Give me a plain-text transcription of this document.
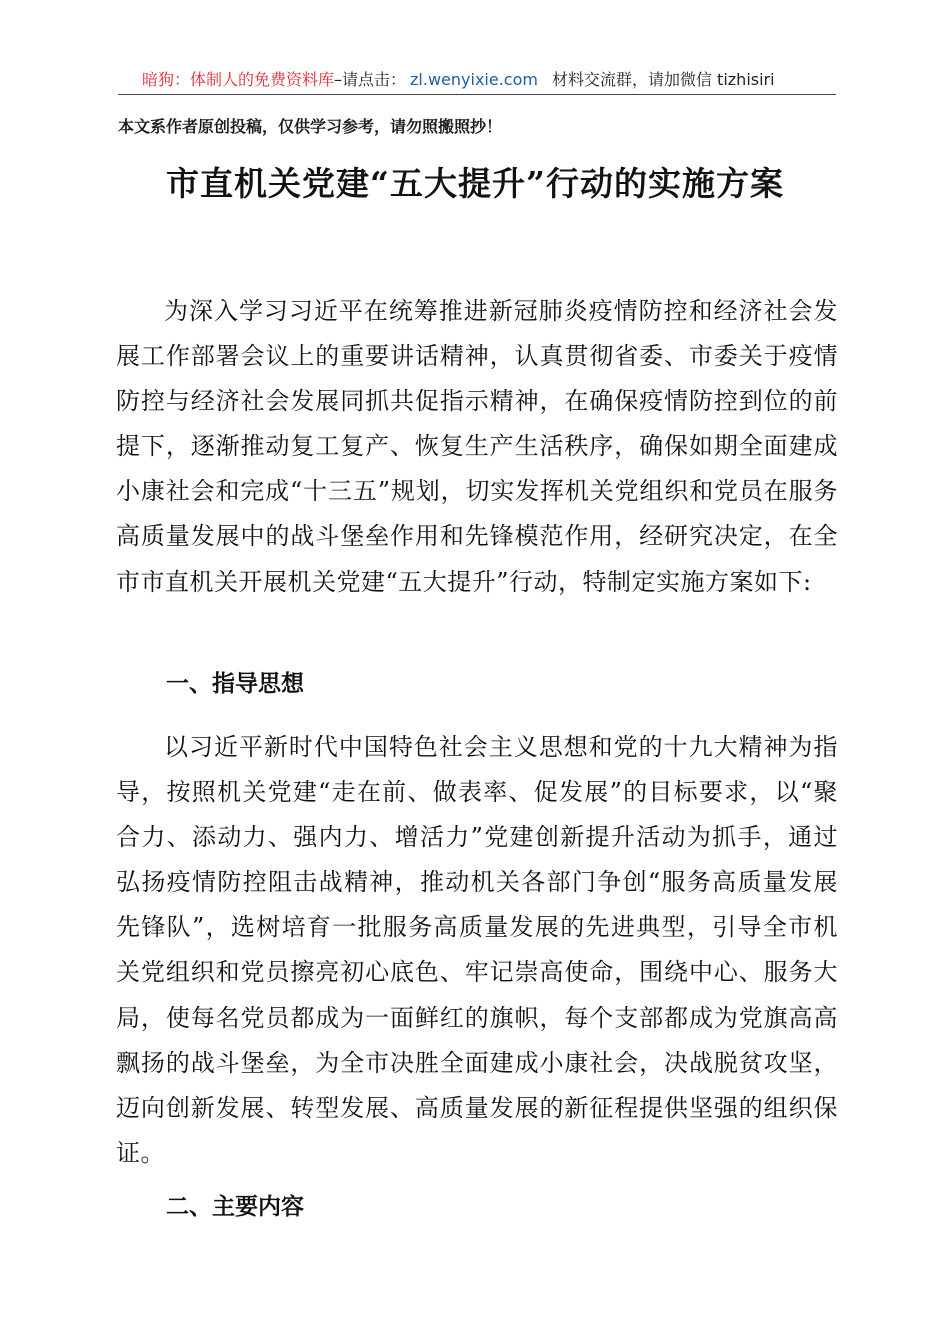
暗狗：体制人的免费资料库–请点击： zl.wenyixie.com 材料交流群，请加微信 tizhisiri
本文系作者原创投稿，仅供学习参考，请勿照搬照抄！
市直机关党建“五大提升”行动的实施方案

为深入学习习近平在统筹推进新冠肺炎疫情防控和经济社会发展工作部署会议上的重要讲话精神，认真贯彻省委、市委关于疫情防控与经济社会发展同抓共促指示精神，在确保疫情防控到位的前提下，逐渐推动复工复产、恢复生产生活秩序，确保如期全面建成小康社会和完成“十三五”规划，切实发挥机关党组织和党员在服务高质量发展中的战斗堡垒作用和先锋模范作用，经研究决定，在全市市直机关开展机关党建“五大提升”行动，特制定实施方案如下:

一、指导思想

以习近平新时代中国特色社会主义思想和党的十九大精神为指导，按照机关党建“走在前、做表率、促发展”的目标要求，以“聚合力、添动力、强内力、增活力”党建创新提升活动为抓手，通过弘扬疫情防控阻击战精神，推动机关各部门争创“服务高质量发展先锋队”，选树培育一批服务高质量发展的先进典型，引导全市机关党组织和党员擦亮初心底色、牢记崇高使命，围绕中心、服务大局，使每名党员都成为一面鲜红的旗帜，每个支部都成为党旗高高飘扬的战斗堡垒，为全市决胜全面建成小康社会，决战脱贫攻坚，迈向创新发展、转型发展、高质量发展的新征程提供坚强的组织保证。

二、主要内容
